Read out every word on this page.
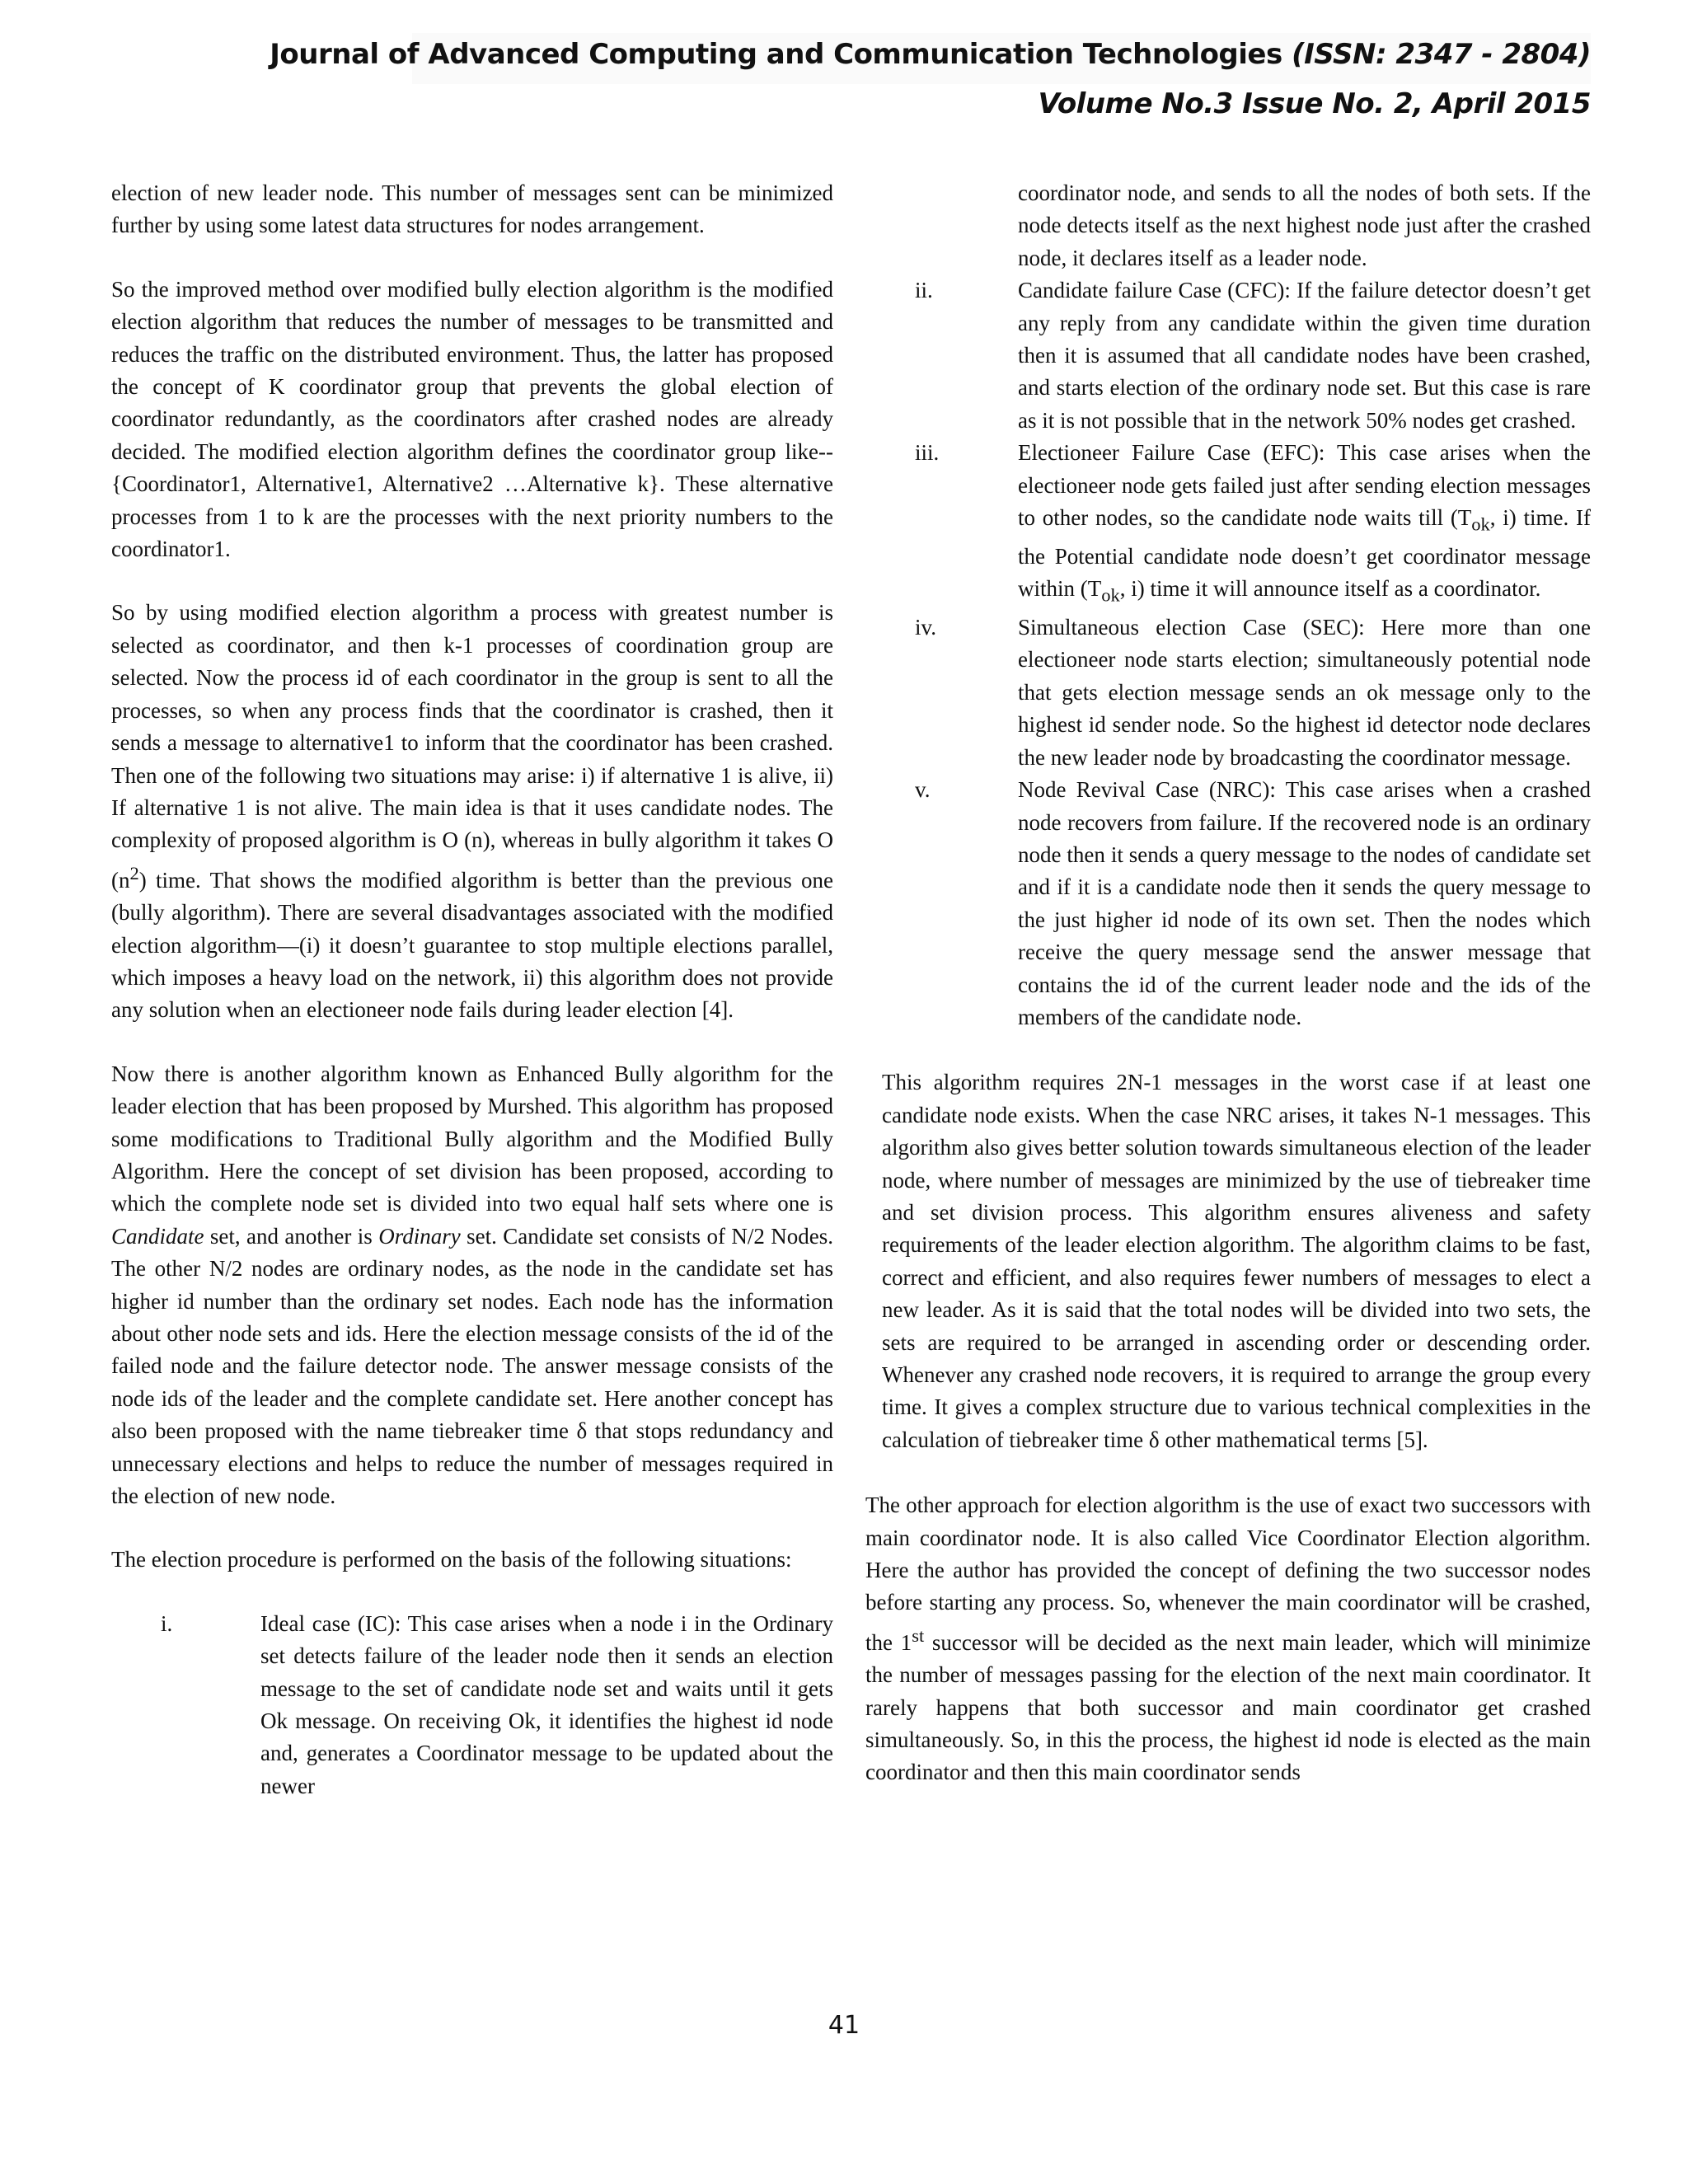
Journal of Advanced Computing and Communication Technologies (ISSN: 2347 - 2804)
Volume No.3 Issue No. 2, April 2015

election of new leader node. This number of messages sent can be minimized further by using some latest data structures for nodes arrangement.

So the improved method over modified bully election algorithm is the modified election algorithm that reduces the number of messages to be transmitted and reduces the traffic on the distributed environment. Thus, the latter has proposed the concept of K coordinator group that prevents the global election of coordinator redundantly, as the coordinators after crashed nodes are already decided. The modified election algorithm defines the coordinator group like-- {Coordinator1, Alternative1, Alternative2 …Alternative k}. These alternative processes from 1 to k are the processes with the next priority numbers to the coordinator1.

So by using modified election algorithm a process with greatest number is selected as coordinator, and then k-1 processes of coordination group are selected. Now the process id of each coordinator in the group is sent to all the processes, so when any process finds that the coordinator is crashed, then it sends a message to alternative1 to inform that the coordinator has been crashed. Then one of the following two situations may arise: i) if alternative 1 is alive, ii) If alternative 1 is not alive. The main idea is that it uses candidate nodes. The complexity of proposed algorithm is O (n), whereas in bully algorithm it takes O $(n^2)$ time. That shows the modified algorithm is better than the previous one (bully algorithm). There are several disadvantages associated with the modified election algorithm—(i) it doesn’t guarantee to stop multiple elections parallel, which imposes a heavy load on the network, ii) this algorithm does not provide any solution when an electioneer node fails during leader election [4].

Now there is another algorithm known as Enhanced Bully algorithm for the leader election that has been proposed by Murshed. This algorithm has proposed some modifications to Traditional Bully algorithm and the Modified Bully Algorithm. Here the concept of set division has been proposed, according to which the complete node set is divided into two equal half sets where one is Candidate set, and another is Ordinary set. Candidate set consists of N/2 Nodes. The other N/2 nodes are ordinary nodes, as the node in the candidate set has higher id number than the ordinary set nodes. Each node has the information about other node sets and ids. Here the election message consists of the id of the failed node and the failure detector node. The answer message consists of the node ids of the leader and the complete candidate set. Here another concept has also been proposed with the name tiebreaker time δ that stops redundancy and unnecessary elections and helps to reduce the number of messages required in the election of new node.

The election procedure is performed on the basis of the following situations:

i.	Ideal case (IC): This case arises when a node i in the Ordinary set detects failure of the leader node then it sends an election message to the set of candidate node set and waits until it gets Ok message. On receiving Ok, it identifies the highest id node and, generates a Coordinator message to be updated about the newer

coordinator node, and sends to all the nodes of both sets. If the node detects itself as the next highest node just after the crashed node, it declares itself as a leader node.

ii.	Candidate failure Case (CFC): If the failure detector doesn’t get any reply from any candidate within the given time duration then it is assumed that all candidate nodes have been crashed, and starts election of the ordinary node set. But this case is rare as it is not possible that in the network 50% nodes get crashed.

iii.	Electioneer Failure Case (EFC): This case arises when the electioneer node gets failed just after sending election messages to other nodes, so the candidate node waits till ($T_{ok}$, i) time. If the Potential candidate node doesn’t get coordinator message within ($T_{ok}$, i) time it will announce itself as a coordinator.

iv.	Simultaneous election Case (SEC): Here more than one electioneer node starts election; simultaneously potential node that gets election message sends an ok message only to the highest id sender node. So the highest id detector node declares the new leader node by broadcasting the coordinator message.

v.	Node Revival Case (NRC): This case arises when a crashed node recovers from failure. If the recovered node is an ordinary node then it sends a query message to the nodes of candidate set and if it is a candidate node then it sends the query message to the just higher id node of its own set. Then the nodes which receive the query message send the answer message that contains the id of the current leader node and the ids of the members of the candidate node.

This algorithm requires 2N-1 messages in the worst case if at least one candidate node exists. When the case NRC arises, it takes N-1 messages. This algorithm also gives better solution towards simultaneous election of the leader node, where number of messages are minimized by the use of tiebreaker time and set division process. This algorithm ensures aliveness and safety requirements of the leader election algorithm. The algorithm claims to be fast, correct and efficient, and also requires fewer numbers of messages to elect a new leader. As it is said that the total nodes will be divided into two sets, the sets are required to be arranged in ascending order or descending order. Whenever any crashed node recovers, it is required to arrange the group every time. It gives a complex structure due to various technical complexities in the calculation of tiebreaker time δ other mathematical terms [5].

The other approach for election algorithm is the use of exact two successors with main coordinator node. It is also called Vice Coordinator Election algorithm. Here the author has provided the concept of defining the two successor nodes before starting any process. So, whenever the main coordinator will be crashed, the 1st successor will be decided as the next main leader, which will minimize the number of messages passing for the election of the next main coordinator. It rarely happens that both successor and main coordinator get crashed simultaneously. So, in this the process, the highest id node is elected as the main coordinator and then this main coordinator sends

41
